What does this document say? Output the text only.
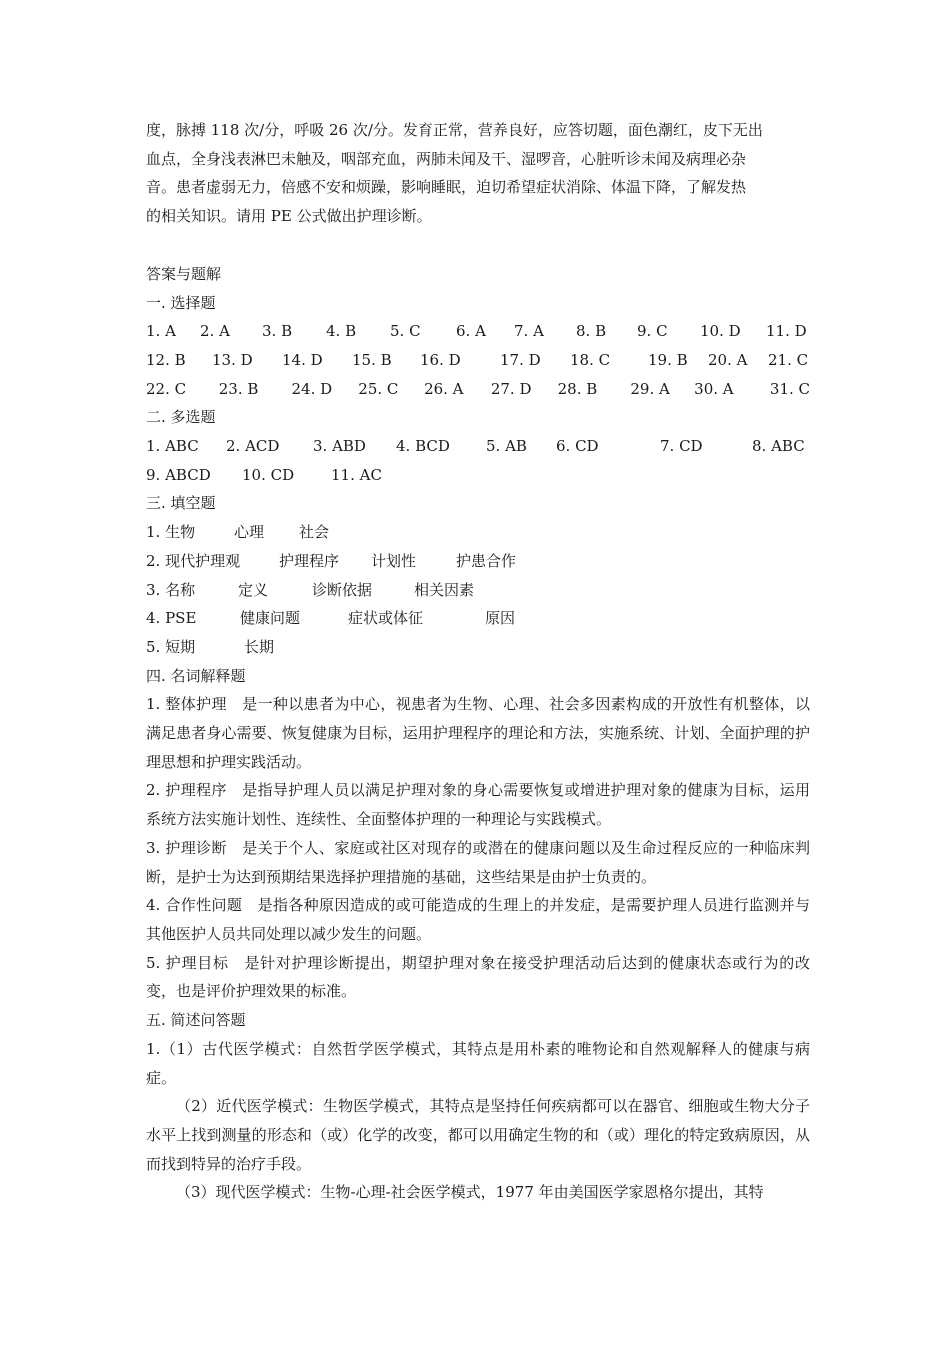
度，脉搏 118 次/分，呼吸 26 次/分。发育正常，营养良好，应答切题，面色潮红，皮下无出

血点，全身浅表淋巴未触及，咽部充血，两肺未闻及干、湿啰音，心脏听诊未闻及病理必杂

音。患者虚弱无力，倍感不安和烦躁，影响睡眠，迫切希望症状消除、体温下降，了解发热

的相关知识。请用 PE 公式做出护理诊断。

答案与题解

一. 选择题

1. A	2. A	3. B	4. B	5. C	6. A	7. A	8. B	9. C	10. D	11. D
12. B	13. D	14. D	15. B	16. D	17. D	18. C	19. B	20. A	21. C
22. C	23. B	24. D	25. C	26. A	27. D	28. B	29. A	30. A	31. C

二. 多选题

1. ABC	2. ACD	3. ABD	4. BCD	5. AB	6. CD	7. CD	8. ABC
9. ABCD	10. CD	11. AC

三. 填空题

1. 生物	心理	社会
2. 现代护理观	护理程序	计划性	护患合作
3. 名称	定义	诊断依据	相关因素
4. PSE	健康问题	症状或体征	原因
5. 短期	长期

四. 名词解释题

1. 整体护理　是一种以患者为中心，视患者为生物、心理、社会多因素构成的开放性有机整体，以满足患者身心需要、恢复健康为目标，运用护理程序的理论和方法，实施系统、计划、全面护理的护理思想和护理实践活动。

2. 护理程序　是指导护理人员以满足护理对象的身心需要恢复或增进护理对象的健康为目标，运用系统方法实施计划性、连续性、全面整体护理的一种理论与实践模式。

3. 护理诊断　是关于个人、家庭或社区对现存的或潜在的健康问题以及生命过程反应的一种临床判断，是护士为达到预期结果选择护理措施的基础，这些结果是由护士负责的。

4. 合作性问题　是指各种原因造成的或可能造成的生理上的并发症，是需要护理人员进行监测并与其他医护人员共同处理以减少发生的问题。

5. 护理目标　是针对护理诊断提出，期望护理对象在接受护理活动后达到的健康状态或行为的改变，也是评价护理效果的标准。

五. 简述问答题

1.（1）古代医学模式：自然哲学医学模式，其特点是用朴素的唯物论和自然观解释人的健康与病症。

（2）近代医学模式：生物医学模式，其特点是坚持任何疾病都可以在器官、细胞或生物大分子水平上找到测量的形态和（或）化学的改变，都可以用确定生物的和（或）理化的特定致病原因，从而找到特异的治疗手段。

（3）现代医学模式：生物-心理-社会医学模式，1977 年由美国医学家恩格尔提出，其特
